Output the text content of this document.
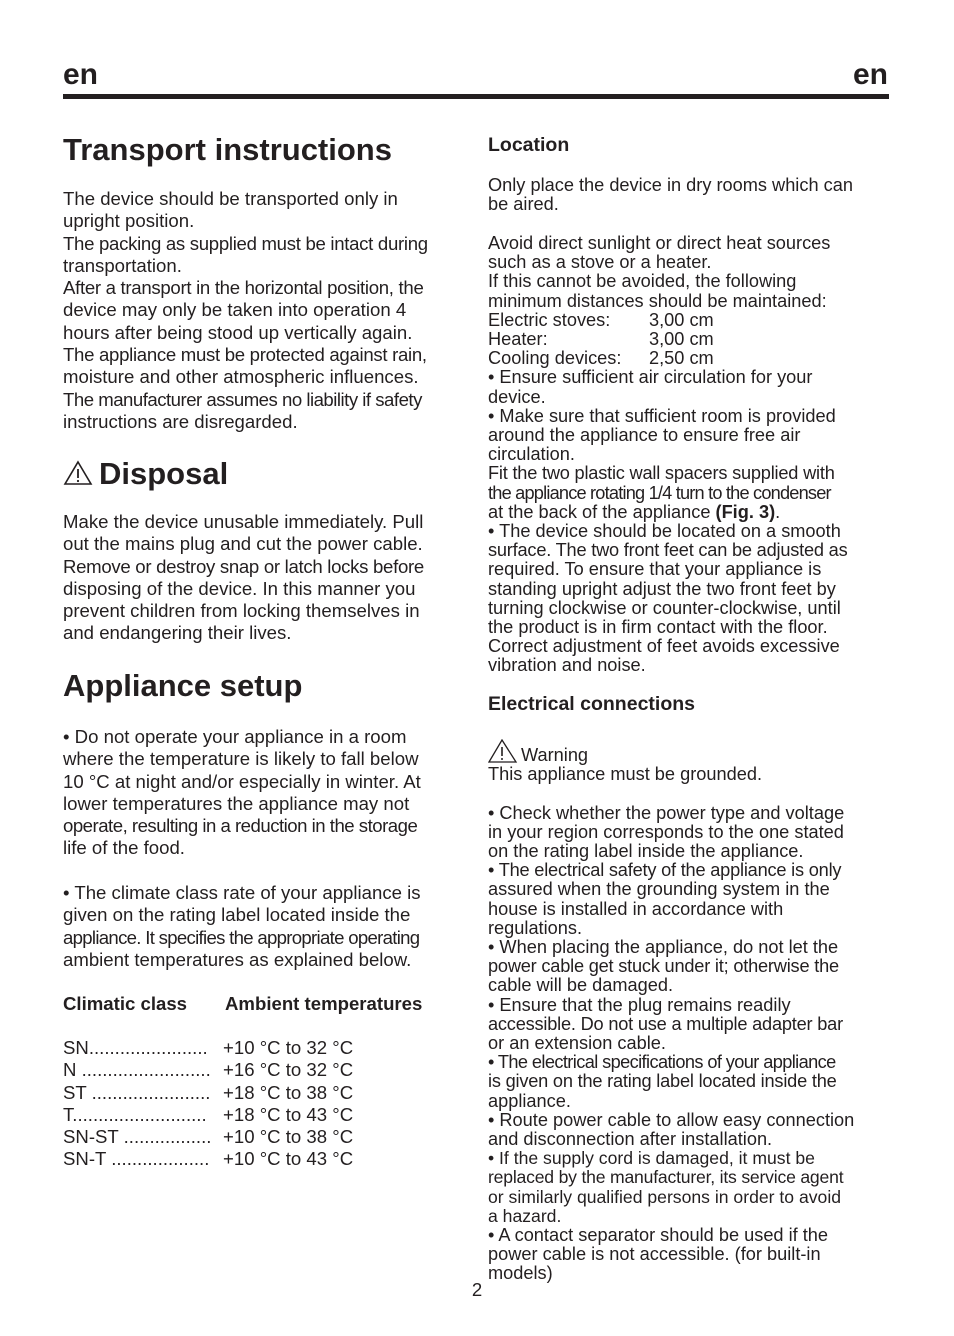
en	en
Transport instructions
The device should be transported only in
upright position.
The packing as supplied must be intact during
transportation.
After a transport in the horizontal position, the
device may only be taken into operation 4
hours after being stood up vertically again.
The appliance must be protected against rain,
moisture and other atmospheric influences.
The manufacturer assumes no liability if safety
instructions are disregarded.
Disposal
Make the device unusable immediately. Pull
out the mains plug and cut the power cable.
Remove or destroy snap or latch locks before
disposing of the device. In this manner you
prevent children from locking themselves in
and endangering their lives.
Appliance setup
• Do not operate your appliance in a room
where the temperature is likely to fall below
10 °C at night and/or especially in winter. At
lower temperatures the appliance may not
operate, resulting in a reduction in the storage
life of the food.
• The climate class rate of your appliance is
given on the rating label located inside the
appliance. It specifies the appropriate operating
ambient temperatures as explained below.
Climatic class Ambient temperatures
SN....................... +10 °C to 32 °C
N ......................... +16 °C to 32 °C
ST ....................... +18 °C to 38 °C
T.......................... +18 °C to 43 °C
SN-ST ................. +10 °C to 38 °C
SN-T ................... +10 °C to 43 °C
Location
Only place the device in dry rooms which can
be aired.
Avoid direct sunlight or direct heat sources
such as a stove or a heater.
If this cannot be avoided, the following
minimum distances should be maintained:
Electric stoves: 3,00 cm
Heater:	3,00 cm
Cooling devices: 2,50 cm
• Ensure sufficient air circulation for your
device.
• Make sure that sufficient room is provided
around the appliance to ensure free air
circulation.
Fit the two plastic wall spacers supplied with
the appliance rotating 1/4 turn to the condenser
at the back of the appliance (Fig. 3).
• The device should be located on a smooth
surface. The two front feet can be adjusted as
required. To ensure that your appliance is
standing upright adjust the two front feet by
turning clockwise or counter-clockwise, until
the product is in firm contact with the floor.
Correct adjustment of feet avoids excessive
vibration and noise.
Electrical connections
Warning
This appliance must be grounded.
• Check whether the power type and voltage
in your region corresponds to the one stated
on the rating label inside the appliance.
• The electrical safety of the appliance is only
assured when the grounding system in the
house is installed in accordance with
regulations.
• When placing the appliance, do not let the
power cable get stuck under it; otherwise the
cable will be damaged.
• Ensure that the plug remains readily
accessible. Do not use a multiple adapter bar
or an extension cable.
• The electrical specifications of your appliance
is given on the rating label located inside the
appliance.
• Route power cable to allow easy connection
and disconnection after installation.
• If the supply cord is damaged, it must be
replaced by the manufacturer, its service agent
or similarly qualified persons in order to avoid
a hazard.
• A contact separator should be used if the
power cable is not accessible. (for built-in
models)
2
